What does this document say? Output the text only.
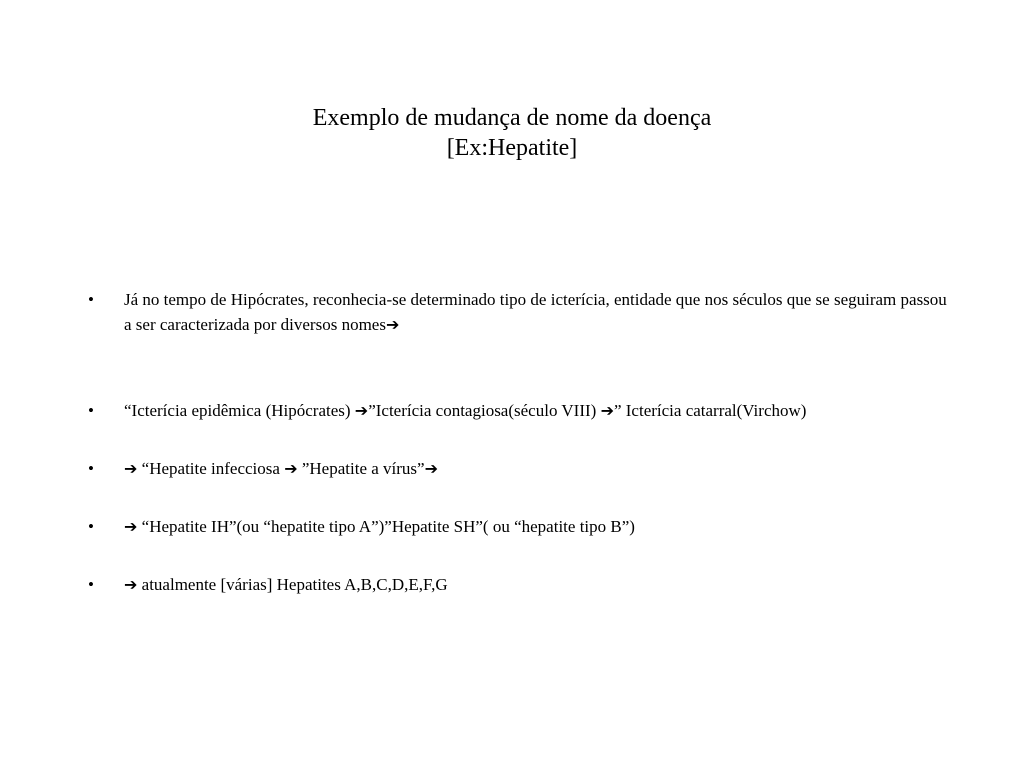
Exemplo de mudança de nome da doença
[Ex:Hepatite]
• Já no tempo de Hipócrates, reconhecia-se determinado tipo de icterícia, entidade que nos séculos que se seguiram passou a ser caracterizada por diversos nomes➔
• “Icterícia epidêmica (Hipócrates) ➔”Icterícia contagiosa(século VIII) ➔” Icterícia catarral(Virchow)
• ➔ “Hepatite infecciosa ➔ ”Hepatite a vírus”➔
• ➔ “Hepatite IH”(ou “hepatite tipo A”)”Hepatite SH”( ou “hepatite tipo B”)
• ➔ atualmente [várias] Hepatites A,B,C,D,E,F,G
